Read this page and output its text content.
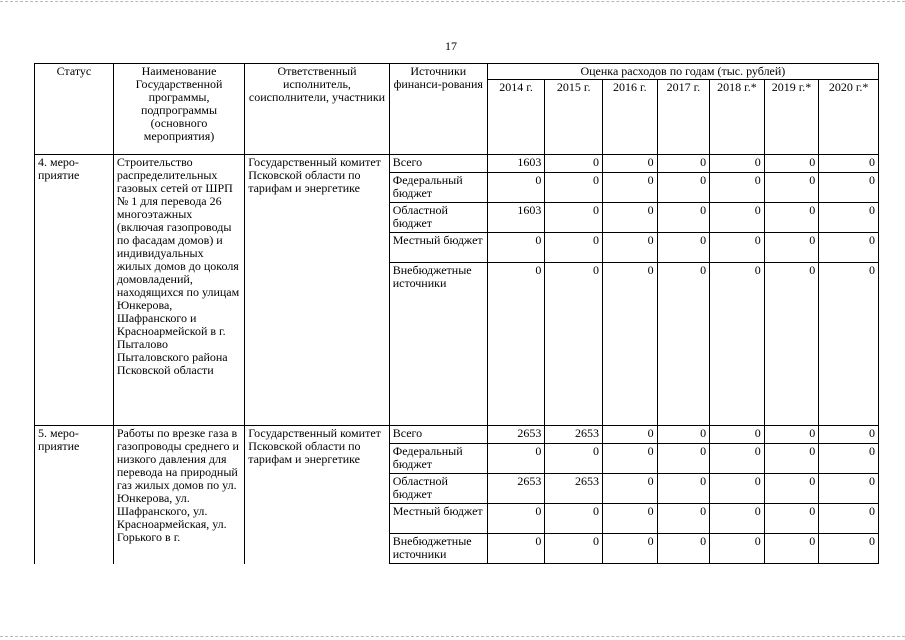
17
Статус	Наименование Государственной программы, подпрограммы (основного мероприятия)	Ответственный исполнитель, соисполнители, участники	Источники финанси-рования	Оценка расходов по годам (тыс. рублей)						
				2014 г.	2015 г.	2016 г.	2017 г.	2018 г.*	2019 г.*	2020 г.*
4. меро-приятие	Строительство распределительных газовых сетей от ШРП № 1 для перевода 26 многоэтажных (включая газопроводы по фасадам домов) и индивидуальных жилых домов до цоколя домовладений, находящихся по улицам Юнкерова, Шафранского и Красноармейской в г. Пыталово Пыталовского района Псковской области	Государственный комитет Псковской области по тарифам и энергетике	Всего	1603	0	0	0	0	0	0
			Федеральный бюджет	0	0	0	0	0	0	0
			Областной бюджет	1603	0	0	0	0	0	0
			Местный бюджет	0	0	0	0	0	0	0
			Внебюджетные источники	0	0	0	0	0	0	0
5. меро-приятие	Работы по врезке газа в газопроводы среднего и низкого давления для перевода на природный газ жилых домов по ул. Юнкерова, ул. Шафранского, ул. Красноармейская, ул. Горького в г.	Государственный комитет Псковской области по тарифам и энергетике	Всего	2653	2653	0	0	0	0	0
			Федеральный бюджет	0	0	0	0	0	0	0
			Областной бюджет	2653	2653	0	0	0	0	0
			Местный бюджет	0	0	0	0	0	0	0
			Внебюджетные источники	0	0	0	0	0	0	0
